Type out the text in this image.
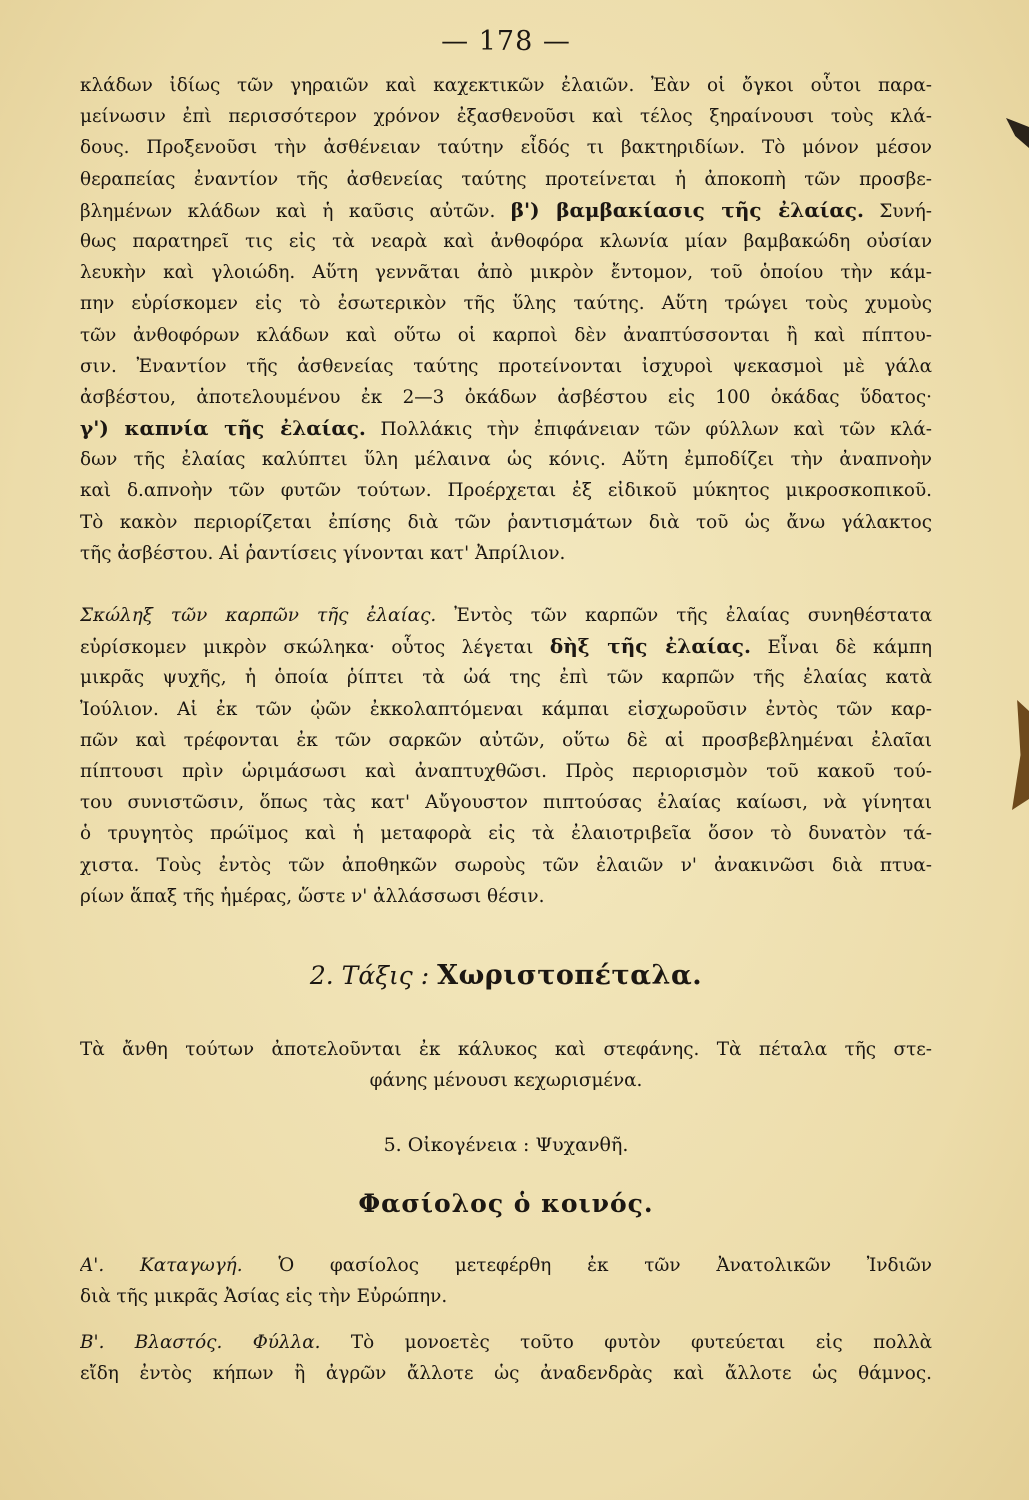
— 178 —
κλάδων ἰδίως τῶν γηραιῶν καὶ καχεκτικῶν ἐλαιῶν. Ἐὰν οἱ ὄγκοι οὗτοι παρα-
μείνωσιν ἐπὶ περισσότερον χρόνον ἐξασθενοῦσι καὶ τέλος ξηραίνουσι τοὺς κλά-
δους. Προξενοῦσι τὴν ἀσθένειαν ταύτην εἶδός τι βακτηριδίων. Τὸ μόνον μέσον
θεραπείας ἐναντίον τῆς ἀσθενείας ταύτης προτείνεται ἡ ἀποκοπὴ τῶν προσβε-
βλημένων κλάδων καὶ ἡ καῦσις αὐτῶν. β') βαμβακίασις τῆς ἐλαίας. Συνή-
θως παρατηρεῖ τις εἰς τὰ νεαρὰ καὶ ἀνθοφόρα κλωνία μίαν βαμβακώδη οὐσίαν
λευκὴν καὶ γλοιώδη. Αὕτη γεννᾶται ἀπὸ μικρὸν ἔντομον, τοῦ ὁποίου τὴν κάμ-
πην εὑρίσκομεν εἰς τὸ ἐσωτερικὸν τῆς ὕλης ταύτης. Αὕτη τρώγει τοὺς χυμοὺς
τῶν ἀνθοφόρων κλάδων καὶ οὕτω οἱ καρποὶ δὲν ἀναπτύσσονται ἢ καὶ πίπτου-
σιν. Ἐναντίον τῆς ἀσθενείας ταύτης προτείνονται ἰσχυροὶ ψεκασμοὶ μὲ γάλα
ἀσβέστου, ἀποτελουμένου ἐκ 2—3 ὀκάδων ἀσβέστου εἰς 100 ὀκάδας ὕδατος·
γ') καπνία τῆς ἐλαίας. Πολλάκις τὴν ἐπιφάνειαν τῶν φύλλων καὶ τῶν κλά-
δων τῆς ἐλαίας καλύπτει ὕλη μέλαινα ὡς κόνις. Αὕτη ἐμποδίζει τὴν ἀναπνοὴν
καὶ δ.απνοὴν τῶν φυτῶν τούτων. Προέρχεται ἐξ εἰδικοῦ μύκητος μικροσκοπικοῦ.
Τὸ κακὸν περιορίζεται ἐπίσης διὰ τῶν ῥαντισμάτων διὰ τοῦ ὡς ἄνω γάλακτος
τῆς ἀσβέστου. Αἱ ῥαντίσεις γίνονται κατ' Ἀπρίλιον.
Σκώληξ τῶν καρπῶν τῆς ἐλαίας. Ἐντὸς τῶν καρπῶν τῆς ἐλαίας συνηθέστατα
εὑρίσκομεν μικρὸν σκώληκα· οὗτος λέγεται δὴξ τῆς ἐλαίας. Εἶναι δὲ κάμπη
μικρᾶς ψυχῆς, ἡ ὁποία ῥίπτει τὰ ὠά της ἐπὶ τῶν καρπῶν τῆς ἐλαίας κατὰ
Ἰούλιον. Αἱ ἐκ τῶν ᾠῶν ἐκκολαπτόμεναι κάμπαι εἰσχωροῦσιν ἐντὸς τῶν καρ-
πῶν καὶ τρέφονται ἐκ τῶν σαρκῶν αὐτῶν, οὕτω δὲ αἱ προσβεβλημέναι ἐλαῖαι
πίπτουσι πρὶν ὡριμάσωσι καὶ ἀναπτυχθῶσι. Πρὸς περιορισμὸν τοῦ κακοῦ τού-
του συνιστῶσιν, ὅπως τὰς κατ' Αὔγουστον πιπτούσας ἐλαίας καίωσι, νὰ γίνηται
ὁ τρυγητὸς πρώϊμος καὶ ἡ μεταφορὰ εἰς τὰ ἐλαιοτριβεῖα ὅσον τὸ δυνατὸν τά-
χιστα. Τοὺς ἐντὸς τῶν ἀποθηκῶν σωροὺς τῶν ἐλαιῶν ν' ἀνακινῶσι διὰ πτυα-
ρίων ἅπαξ τῆς ἡμέρας, ὥστε ν' ἀλλάσσωσι θέσιν.
2. Τάξις : Χωριστοπέταλα.
Τὰ ἄνθη τούτων ἀποτελοῦνται ἐκ κάλυκος καὶ στεφάνης. Τὰ πέταλα τῆς στε-
φάνης μένουσι κεχωρισμένα.
5. Οἰκογένεια : Ψυχανθῆ.
Φασίολος ὁ κοινός.
Α'. Καταγωγή. Ὁ φασίολος μετεφέρθη ἐκ τῶν Ἀνατολικῶν Ἰνδιῶν
διὰ τῆς μικρᾶς Ἀσίας εἰς τὴν Εὐρώπην.
Β'. Βλαστός. Φύλλα. Τὸ μονοετὲς τοῦτο φυτὸν φυτεύεται εἰς πολλὰ
εἴδη ἐντὸς κήπων ἢ ἀγρῶν ἄλλοτε ὡς ἀναδενδρὰς καὶ ἄλλοτε ὡς θάμνος.
